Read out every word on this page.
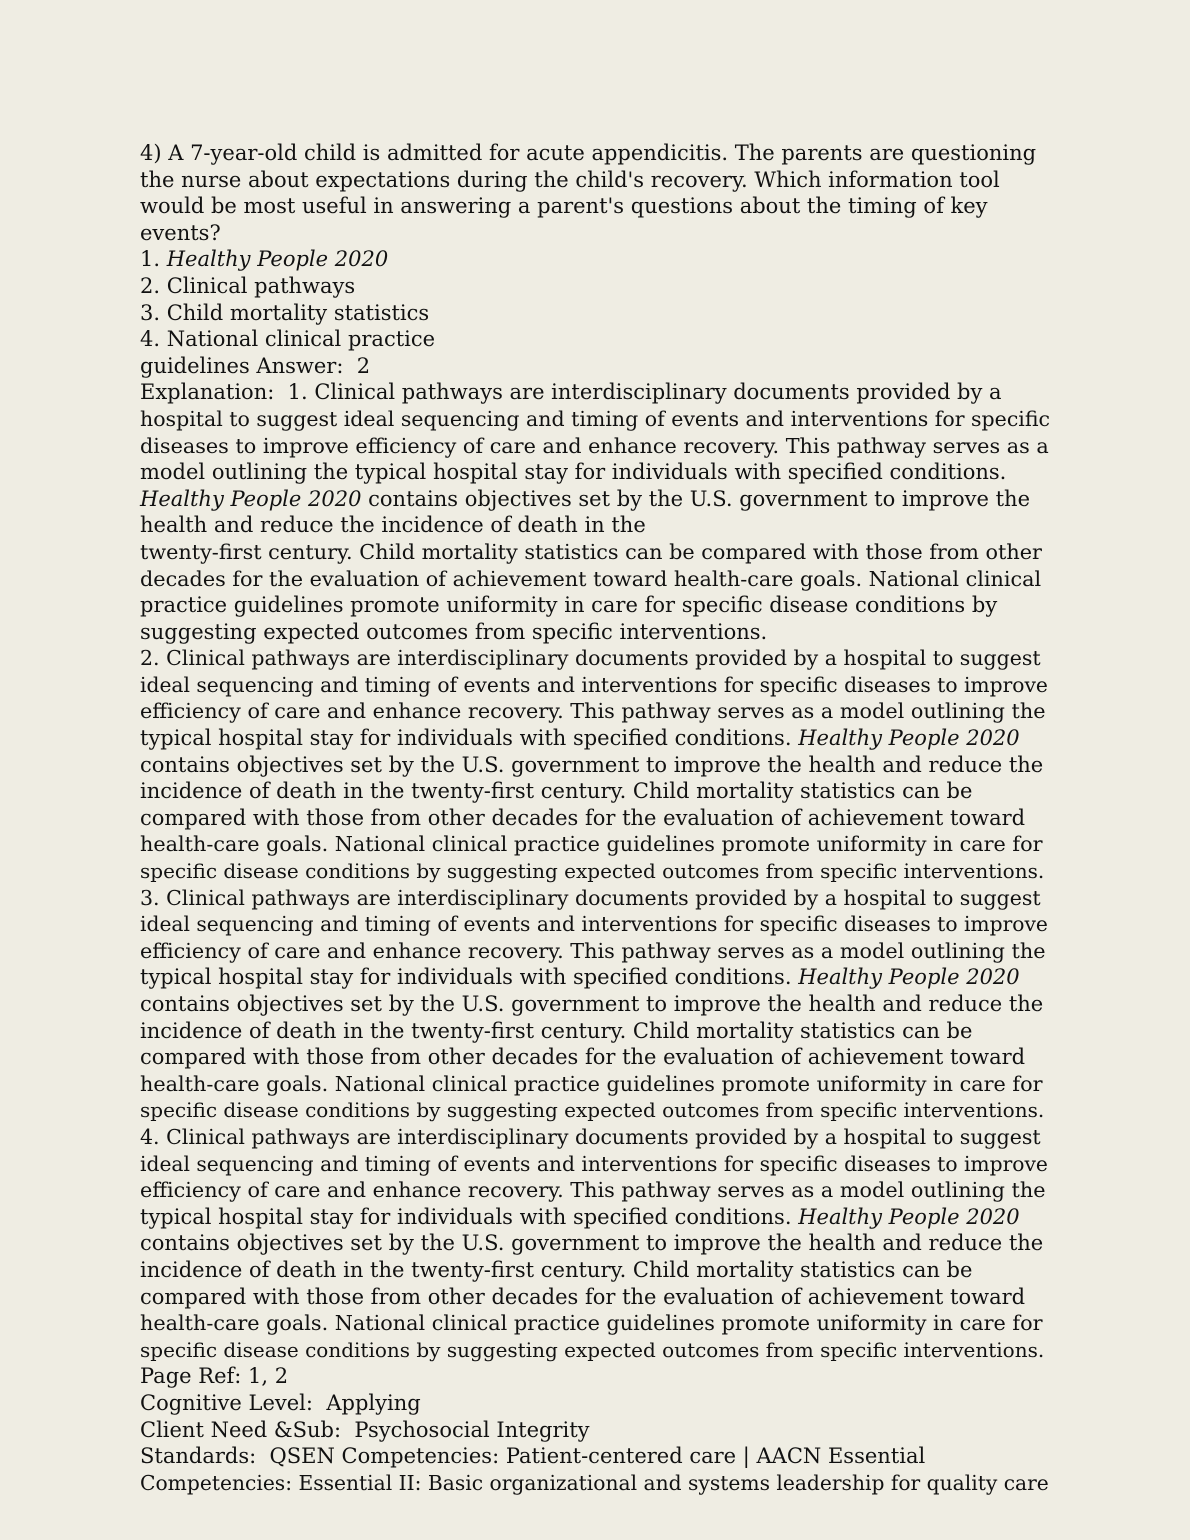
4) A 7-year-old child is admitted for acute appendicitis. The parents are questioning
the nurse about expectations during the child's recovery. Which information tool
would be most useful in answering a parent's questions about the timing of key
events?
1. Healthy People 2020
2. Clinical pathways
3. Child mortality statistics
4. National clinical practice
guidelines Answer: 2
Explanation: 1. Clinical pathways are interdisciplinary documents provided by a
hospital to suggest ideal sequencing and timing of events and interventions for specific
diseases to improve efficiency of care and enhance recovery. This pathway serves as a
model outlining the typical hospital stay for individuals with specified conditions.
Healthy People 2020 contains objectives set by the U.S. government to improve the
health and reduce the incidence of death in the
twenty-first century. Child mortality statistics can be compared with those from other
decades for the evaluation of achievement toward health-care goals. National clinical
practice guidelines promote uniformity in care for specific disease conditions by
suggesting expected outcomes from specific interventions.
2. Clinical pathways are interdisciplinary documents provided by a hospital to suggest
ideal sequencing and timing of events and interventions for specific diseases to improve
efficiency of care and enhance recovery. This pathway serves as a model outlining the
typical hospital stay for individuals with specified conditions. Healthy People 2020
contains objectives set by the U.S. government to improve the health and reduce the
incidence of death in the twenty-first century. Child mortality statistics can be
compared with those from other decades for the evaluation of achievement toward
health-care goals. National clinical practice guidelines promote uniformity in care for
specific disease conditions by suggesting expected outcomes from specific interventions.
3. Clinical pathways are interdisciplinary documents provided by a hospital to suggest
ideal sequencing and timing of events and interventions for specific diseases to improve
efficiency of care and enhance recovery. This pathway serves as a model outlining the
typical hospital stay for individuals with specified conditions. Healthy People 2020
contains objectives set by the U.S. government to improve the health and reduce the
incidence of death in the twenty-first century. Child mortality statistics can be
compared with those from other decades for the evaluation of achievement toward
health-care goals. National clinical practice guidelines promote uniformity in care for
specific disease conditions by suggesting expected outcomes from specific interventions.
4. Clinical pathways are interdisciplinary documents provided by a hospital to suggest
ideal sequencing and timing of events and interventions for specific diseases to improve
efficiency of care and enhance recovery. This pathway serves as a model outlining the
typical hospital stay for individuals with specified conditions. Healthy People 2020
contains objectives set by the U.S. government to improve the health and reduce the
incidence of death in the twenty-first century. Child mortality statistics can be
compared with those from other decades for the evaluation of achievement toward
health-care goals. National clinical practice guidelines promote uniformity in care for
specific disease conditions by suggesting expected outcomes from specific interventions.
Page Ref: 1, 2
Cognitive Level: Applying
Client Need &Sub: Psychosocial Integrity
Standards: QSEN Competencies: Patient-centered care | AACN Essential
Competencies: Essential II: Basic organizational and systems leadership for quality care
